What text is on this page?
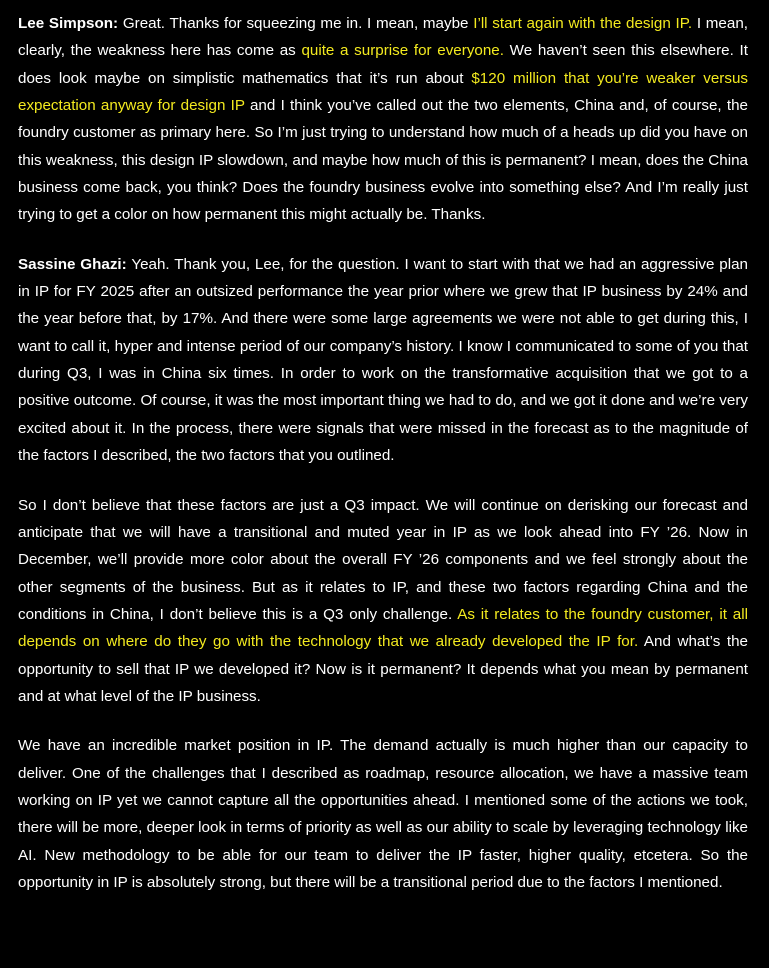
Lee Simpson: Great. Thanks for squeezing me in. I mean, maybe I’ll start again with the design IP. I mean, clearly, the weakness here has come as quite a surprise for everyone. We haven’t seen this elsewhere. It does look maybe on simplistic mathematics that it’s run about $120 million that you’re weaker versus expectation anyway for design IP and I think you’ve called out the two elements, China and, of course, the foundry customer as primary here. So I’m just trying to understand how much of a heads up did you have on this weakness, this design IP slowdown, and maybe how much of this is permanent? I mean, does the China business come back, you think? Does the foundry business evolve into something else? And I’m really just trying to get a color on how permanent this might actually be. Thanks.

Sassine Ghazi: Yeah. Thank you, Lee, for the question. I want to start with that we had an aggressive plan in IP for FY 2025 after an outsized performance the year prior where we grew that IP business by 24% and the year before that, by 17%. And there were some large agreements we were not able to get during this, I want to call it, hyper and intense period of our company’s history. I know I communicated to some of you that during Q3, I was in China six times. In order to work on the transformative acquisition that we got to a positive outcome. Of course, it was the most important thing we had to do, and we got it done and we’re very excited about it. In the process, there were signals that were missed in the forecast as to the magnitude of the factors I described, the two factors that you outlined.

So I don’t believe that these factors are just a Q3 impact. We will continue on derisking our forecast and anticipate that we will have a transitional and muted year in IP as we look ahead into FY ’26. Now in December, we’ll provide more color about the overall FY ’26 components and we feel strongly about the other segments of the business. But as it relates to IP, and these two factors regarding China and the conditions in China, I don’t believe this is a Q3 only challenge. As it relates to the foundry customer, it all depends on where do they go with the technology that we already developed the IP for. And what’s the opportunity to sell that IP we developed it? Now is it permanent? It depends what you mean by permanent and at what level of the IP business.

We have an incredible market position in IP. The demand actually is much higher than our capacity to deliver. One of the challenges that I described as roadmap, resource allocation, we have a massive team working on IP yet we cannot capture all the opportunities ahead. I mentioned some of the actions we took, there will be more, deeper look in terms of priority as well as our ability to scale by leveraging technology like AI. New methodology to be able for our team to deliver the IP faster, higher quality, etcetera. So the opportunity in IP is absolutely strong, but there will be a transitional period due to the factors I mentioned.
